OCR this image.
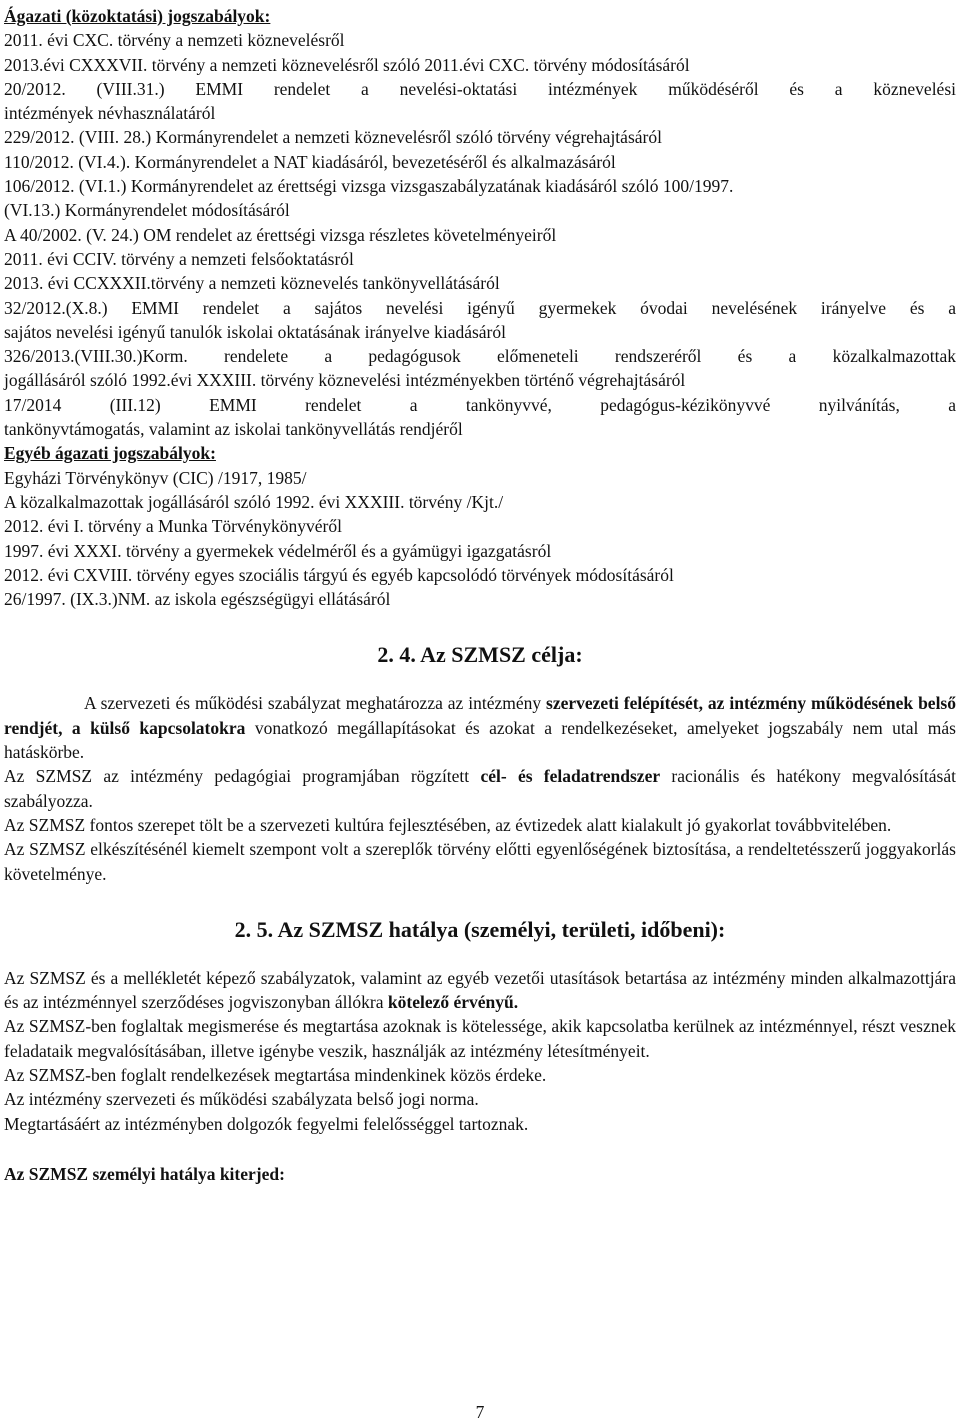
Ágazati (közoktatási) jogszabályok:
2011. évi CXC. törvény a nemzeti köznevelésről
2013.évi CXXXVII. törvény a nemzeti köznevelésről szóló 2011.évi CXC. törvény módosításáról
20/2012. (VIII.31.) EMMI rendelet a nevelési-oktatási intézmények működéséről és a köznevelési
intézmények névhasználatáról
229/2012. (VIII. 28.) Kormányrendelet a nemzeti köznevelésről szóló törvény végrehajtásáról
110/2012. (VI.4.). Kormányrendelet a NAT kiadásáról, bevezetéséről és alkalmazásáról
106/2012. (VI.1.) Kormányrendelet az érettségi vizsga vizsgaszabályzatának kiadásáról szóló 100/1997.
(VI.13.) Kormányrendelet módosításáról
A 40/2002. (V. 24.) OM rendelet az érettségi vizsga részletes követelményeiről
2011. évi CCIV. törvény a nemzeti felsőoktatásról
2013. évi CCXXXII.törvény a nemzeti köznevelés tankönyvellátásáról
32/2012.(X.8.) EMMI rendelet a sajátos nevelési igényű gyermekek óvodai nevelésének irányelve és a
sajátos nevelési igényű tanulók iskolai oktatásának irányelve kiadásáról
326/2013.(VIII.30.)Korm. rendelete a pedagógusok előmeneteli rendszeréről és a közalkalmazottak
jogállásáról szóló 1992.évi XXXIII. törvény köznevelési intézményekben történő végrehajtásáról
17/2014 (III.12) EMMI rendelet a tankönyvvé, pedagógus-kézikönyvvé nyilvánítás, a
tankönyvtámogatás, valamint az iskolai tankönyvellátás rendjéről
Egyéb ágazati jogszabályok:
Egyházi Törvénykönyv (CIC) /1917, 1985/
A közalkalmazottak jogállásáról szóló 1992. évi XXXIII. törvény /Kjt./
2012. évi I. törvény a Munka Törvénykönyvéről
1997. évi XXXI. törvény a gyermekek védelméről és a gyámügyi igazgatásról
2012. évi CXVIII. törvény egyes szociális tárgyú és egyéb kapcsolódó törvények módosításáról
26/1997. (IX.3.)NM. az iskola egészségügyi ellátásáról
2. 4. Az SZMSZ célja:
A szervezeti és működési szabályzat meghatározza az intézmény szervezeti felépítését, az intézmény működésének belső rendjét, a külső kapcsolatokra vonatkozó megállapításokat és azokat a rendelkezéseket, amelyeket jogszabály nem utal más hatáskörbe.
Az SZMSZ az intézmény pedagógiai programjában rögzített cél- és feladatrendszer racionális és hatékony megvalósítását szabályozza.
Az SZMSZ fontos szerepet tölt be a szervezeti kultúra fejlesztésében, az évtizedek alatt kialakult jó gyakorlat továbbvitelében.
Az SZMSZ elkészítésénél kiemelt szempont volt a szereplők törvény előtti egyenlőségének biztosítása, a rendeltetésszerű joggyakorlás követelménye.
2. 5. Az SZMSZ hatálya (személyi, területi, időbeni):
Az SZMSZ és a mellékletét képező szabályzatok, valamint az egyéb vezetői utasítások betartása az intézmény minden alkalmazottjára és az intézménnyel szerződéses jogviszonyban állókra kötelező érvényű.
Az SZMSZ-ben foglaltak megismerése és megtartása azoknak is kötelessége, akik kapcsolatba kerülnek az intézménnyel, részt vesznek feladataik megvalósításában, illetve igénybe veszik, használják az intézmény létesítményeit.
Az SZMSZ-ben foglalt rendelkezések megtartása mindenkinek közös érdeke.
Az intézmény szervezeti és működési szabályzata belső jogi norma.
Megtartásáért az intézményben dolgozók fegyelmi felelősséggel tartoznak.
Az SZMSZ személyi hatálya kiterjed:
7
